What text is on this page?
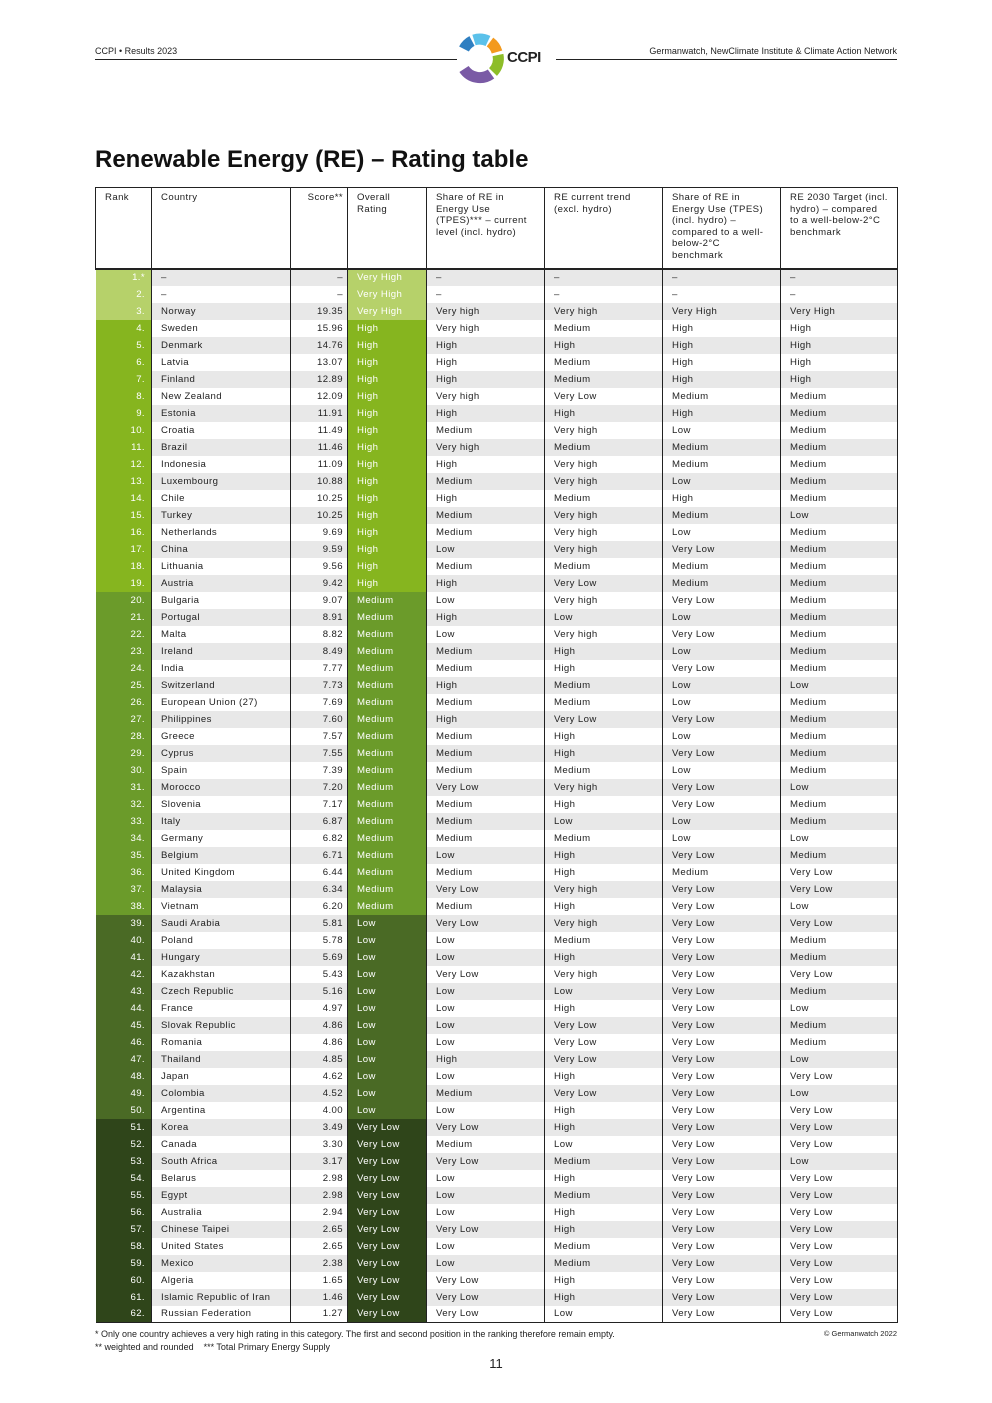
CCPI • Results 2023	Germanwatch, NewClimate Institute & Climate Action Network
CCPI
Renewable Energy (RE) – Rating table
Rank	Country	Score**	Overall Rating	Share of RE in Energy Use (TPES)*** – current level (incl. hydro)	RE current trend (excl. hydro)	Share of RE in Energy Use (TPES) (incl. hydro) – compared to a well-below-2°C benchmark	RE 2030 Target (incl. hydro) – compared to a well-below-2°C benchmark
1.*	–	–	Very High	–	–	–	–
2.	–	–	Very High	–	–	–	–
3.	Norway	19.35	Very High	Very high	Very high	Very High	Very High
4.	Sweden	15.96	High	Very high	Medium	High	High
5.	Denmark	14.76	High	High	High	High	High
6.	Latvia	13.07	High	High	Medium	High	High
7.	Finland	12.89	High	High	Medium	High	High
8.	New Zealand	12.09	High	Very high	Very Low	Medium	Medium
9.	Estonia	11.91	High	High	High	High	Medium
10.	Croatia	11.49	High	Medium	Very high	Low	Medium
11.	Brazil	11.46	High	Very high	Medium	Medium	Medium
12.	Indonesia	11.09	High	High	Very high	Medium	Medium
13.	Luxembourg	10.88	High	Medium	Very high	Low	Medium
14.	Chile	10.25	High	High	Medium	High	Medium
15.	Turkey	10.25	High	Medium	Very high	Medium	Low
16.	Netherlands	9.69	High	Medium	Very high	Low	Medium
17.	China	9.59	High	Low	Very high	Very Low	Medium
18.	Lithuania	9.56	High	Medium	Medium	Medium	Medium
19.	Austria	9.42	High	High	Very Low	Medium	Medium
20.	Bulgaria	9.07	Medium	Low	Very high	Very Low	Medium
21.	Portugal	8.91	Medium	High	Low	Low	Medium
22.	Malta	8.82	Medium	Low	Very high	Very Low	Medium
23.	Ireland	8.49	Medium	Medium	High	Low	Medium
24.	India	7.77	Medium	Medium	High	Very Low	Medium
25.	Switzerland	7.73	Medium	High	Medium	Low	Low
26.	European Union (27)	7.69	Medium	Medium	Medium	Low	Medium
27.	Philippines	7.60	Medium	High	Very Low	Very Low	Medium
28.	Greece	7.57	Medium	Medium	High	Low	Medium
29.	Cyprus	7.55	Medium	Medium	High	Very Low	Medium
30.	Spain	7.39	Medium	Medium	Medium	Low	Medium
31.	Morocco	7.20	Medium	Very Low	Very high	Very Low	Low
32.	Slovenia	7.17	Medium	Medium	High	Very Low	Medium
33.	Italy	6.87	Medium	Medium	Low	Low	Medium
34.	Germany	6.82	Medium	Medium	Medium	Low	Low
35.	Belgium	6.71	Medium	Low	High	Very Low	Medium
36.	United Kingdom	6.44	Medium	Medium	High	Medium	Very Low
37.	Malaysia	6.34	Medium	Very Low	Very high	Very Low	Very Low
38.	Vietnam	6.20	Medium	Medium	High	Very Low	Low
39.	Saudi Arabia	5.81	Low	Very Low	Very high	Very Low	Very Low
40.	Poland	5.78	Low	Low	Medium	Very Low	Medium
41.	Hungary	5.69	Low	Low	High	Very Low	Medium
42.	Kazakhstan	5.43	Low	Very Low	Very high	Very Low	Very Low
43.	Czech Republic	5.16	Low	Low	Low	Very Low	Medium
44.	France	4.97	Low	Low	High	Very Low	Low
45.	Slovak Republic	4.86	Low	Low	Very Low	Very Low	Medium
46.	Romania	4.86	Low	Low	Very Low	Very Low	Medium
47.	Thailand	4.85	Low	High	Very Low	Very Low	Low
48.	Japan	4.62	Low	Low	High	Very Low	Very Low
49.	Colombia	4.52	Low	Medium	Very Low	Very Low	Low
50.	Argentina	4.00	Low	Low	High	Very Low	Very Low
51.	Korea	3.49	Very Low	Very Low	High	Very Low	Very Low
52.	Canada	3.30	Very Low	Medium	Low	Very Low	Very Low
53.	South Africa	3.17	Very Low	Very Low	Medium	Very Low	Low
54.	Belarus	2.98	Very Low	Low	High	Very Low	Very Low
55.	Egypt	2.98	Very Low	Low	Medium	Very Low	Very Low
56.	Australia	2.94	Very Low	Low	High	Very Low	Very Low
57.	Chinese Taipei	2.65	Very Low	Very Low	High	Very Low	Very Low
58.	United States	2.65	Very Low	Low	Medium	Very Low	Very Low
59.	Mexico	2.38	Very Low	Low	Medium	Very Low	Very Low
60.	Algeria	1.65	Very Low	Very Low	High	Very Low	Very Low
61.	Islamic Republic of Iran	1.46	Very Low	Very Low	High	Very Low	Very Low
62.	Russian Federation	1.27	Very Low	Very Low	Low	Very Low	Very Low
* Only one country achieves a very high rating in this category. The first and second position in the ranking therefore remain empty.
** weighted and rounded    *** Total Primary Energy Supply
© Germanwatch 2022
11
